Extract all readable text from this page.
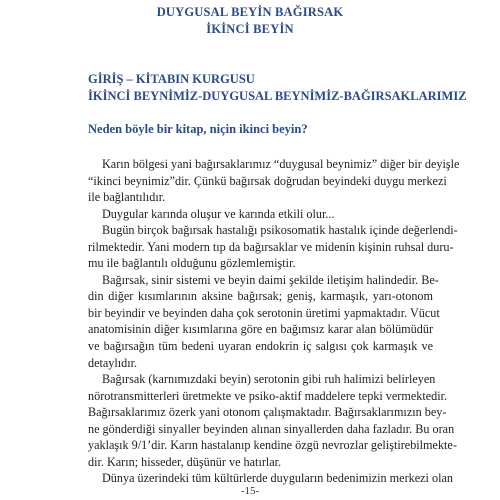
DUYGUSAL BEYİN BAĞIRSAK
İKİNCİ BEYİN
GİRİŞ – KİTABIN KURGUSU
İKİNCİ BEYNİMİZ-DUYGUSAL BEYNİMİZ-BAĞIRSAKLARIMIZ
Neden böyle bir kitap, niçin ikinci beyin?
Karın bölgesi yani bağırsaklarımız “duygusal beynimiz” diğer bir deyişle
“ikinci beynimiz”dir. Çünkü bağırsak doğrudan beyindeki duygu merkezi
ile bağlantılıdır.
Duygular karında oluşur ve karında etkili olur...
Bugün birçok bağırsak hastalığı psikosomatik hastalık içinde değerlendi-
rilmektedir. Yani modern tıp da bağırsaklar ve midenin kişinin ruhsal duru-
mu ile bağlantılı olduğunu gözlemlemiştir.
Bağırsak, sinir sistemi ve beyin daimi şekilde iletişim halindedir. Be-
din diğer kısımlarının aksine bağırsak; geniş, karmaşık, yarı-otonom
bir beyindir ve beyinden daha çok serotonin üretimi yapmaktadır. Vücut
anatomisinin diğer kısımlarına göre en bağımsız karar alan bölümüdür
ve bağırsağın tüm bedeni uyaran endokrin iç salgısı çok karmaşık ve
detaylıdır.
Bağırsak (karnımızdaki beyin) serotonin gibi ruh halimizi belirleyen
nörotransmitterleri üretmekte ve psiko-aktif maddelere tepki vermektedir.
Bağırsaklarımız özerk yani otonom çalışmaktadır. Bağırsaklarımızın bey-
ne gönderdiği sinyaller beyinden alınan sinyallerden daha fazladır. Bu oran
yaklaşık 9/1’dir. Karın hastalanıp kendine özgü nevrozlar geliştirebilmekte-
dir. Karın; hisseder, düşünür ve hatırlar.
Dünya üzerindeki tüm kültürlerde duyguların bedenimizin merkezi olan
-15-
